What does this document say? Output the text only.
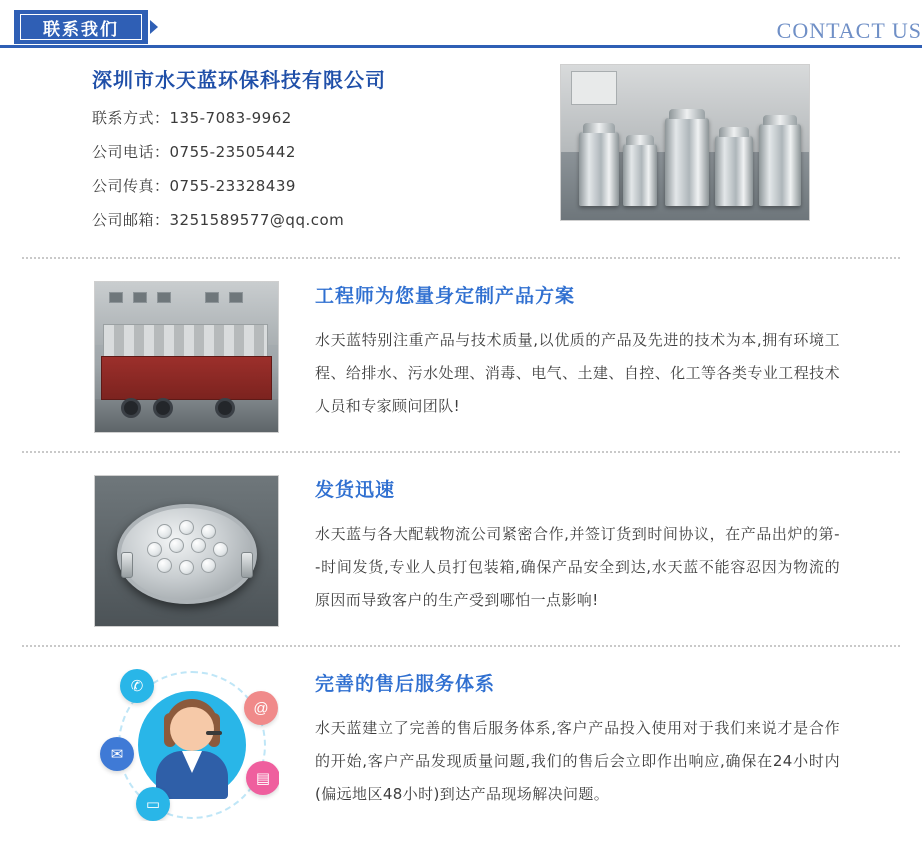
联系我们	CONTACT US
深圳市水天蓝环保科技有限公司
联系方式：135-7083-9962
公司电话：0755-23505442
公司传真：0755-23328439
公司邮箱：3251589577@qq.com
工程师为您量身定制产品方案
水天蓝特别注重产品与技术质量,以优质的产品及先进的技术为本,拥有环境工程、给排水、污水处理、消毒、电气、土建、自控、化工等各类专业工程技术人员和专家顾问团队!
发货迅速
水天蓝与各大配载物流公司紧密合作,并签订货到时间协议，在产品出炉的第- -时间发货,专业人员打包装箱,确保产品安全到达,水天蓝不能容忍因为物流的原因而导致客户的生产受到哪怕一点影响!
✆
@
✉
▤
▭
完善的售后服务体系
水天蓝建立了完善的售后服务体系,客户产品投入使用对于我们来说才是合作的开始,客户产品发现质量问题,我们的售后会立即作出响应,确保在24小时内(偏远地区48小时)到达产品现场解决问题。
